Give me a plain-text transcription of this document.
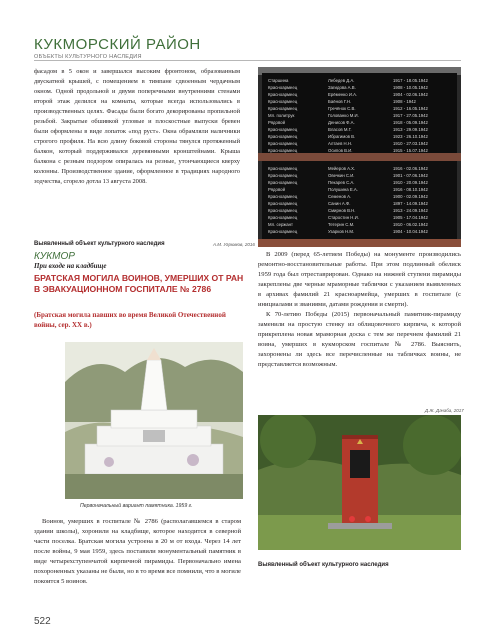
КУКМОРСКИЙ РАЙОН
ОБЪЕКТЫ КУЛЬТУРНОГО НАСЛЕДИЯ

фасадом в 5 окон и завершался высоким фронтоном, образованным двускатной крышей, с помещением в тимпане сдвоенным чердачным окном. Одной продольной и двумя поперечными внутренними стенами второй этаж делился на комнаты, которые всегда использовались в производственных целях. Фасады были богато декорированы пропильной резьбой. Закрытые обшивкой угловые и плоскостные выпуски бревен были оформлены в виде лопаток «под руст». Окна обрамляли наличники строгого профиля. На всю длину боковой стороны тянулся протяженный балкон, который поддерживался деревянными кронштейнами. Крыша балкона с резным подзором опиралась на резные, утончающиеся кверху колонны. Производственное здание, оформленное в традициях народного зодчества, сгорело дотла 13 августа 2008.

Старшина	Лебедев Д.А.	1917 - 18.05.1942
Красноармеец	Загидова А.В.	1908 - 10.05.1942
Красноармеец	Ерёменко И.А.	1904 - 02.06.1942
Красноармеец	Баёнов Г.Н.	1908 - 1942
Красноармеец	Гречёнок С.В.	1912 - 16.05.1942
Мл. политрук	Голованко М.И.	1917 - 27.05.1942
Рядовой	Денисов Ф.А.	1918 - 05.09.1942
Красноармеец	Власов М.Г.	1913 - 29.09.1942
Красноармеец	Ибрагимов В.	1923 - 26.10.1942
Красноармеец	Алтаев Н.Н.	1910 - 27.03.1942
Красноармеец	Осипов В.И.	1915 - 15.07.1942
Красноармеец	Мейеров А.Х.	1916 - 02.06.1942
Красноармеец	Овечкин С.И.	1901 - 07.06.1942
Красноармеец	Пекарев С.А.	1910 - 20.09.1942
Рядовой	Полушина Е.А.	1916 - 08.10.1942
Красноармеец	Семенов А.	1900 - 02.09.1942
Красноармеец	Санин А.Ф.	1897 - 14.09.1942
Красноармеец	Смирнов В.Н.	1913 - 24.09.1942
Красноармеец	Старостин Н.И.	1905 - 17.04.1942
Мл. сержант	Тетерин С.М.	1910 - 06.02.1942
Красноармеец	Узарков Н.М.	1904 - 10.04.1942
А.М. Угрюмов, 2016
Выявленный объект культурного наследия
КУКМОР
При входе на кладбище
БРАТСКАЯ МОГИЛА ВОИНОВ, УМЕРШИХ ОТ РАН В ЭВАКУАЦИОННОМ ГОСПИТАЛЕ № 2786
(Братская могила павших во время Великой Отечественной войны, сер. XX в.)
Первоначальный вариант памятника. 1959 г.

Воинов, умерших в госпитале № 2786 (располагавшемся в старом здании школы), хоронили на кладбище, которое находится в северной части поселка. Братская могила устроена в 20 м от входа. Через 14 лет после войны, 9 мая 1959, здесь поставили монументальный памятник в виде четырехступенчатой кирпичной пирамиды. Первоначально имена похороненных указаны не были, но в то время все помнили, что в могиле покоится 5 воинов.

В 2009 (перед 65-летием Победы) на монументе производились ремонтно-восстановительные работы. При этом подлинный обелиск 1959 года был отреставрирован. Однако на нижней ступени пирамиды закреплены две черные мраморные таблички с указанием выявленных в архивах фамилий 21 красноармейца, умерших в госпитале (с инициалами и званиями, датами рождения и смерти).

К 70-летию Победы (2015) первоначальный памятник-пирамиду заменили на простую стенку из облицовочного кирпича, к которой прикреплена новая мраморная доска с тем же перечнем фамилий 21 воина, умерших в кукморском госпитале № 2786. Выяснить, захоронены ли здесь все перечисленные на табличках воины, не представляется возможным.

Д.Ж. Дачаба, 2017
Выявленный объект культурного наследия
522
